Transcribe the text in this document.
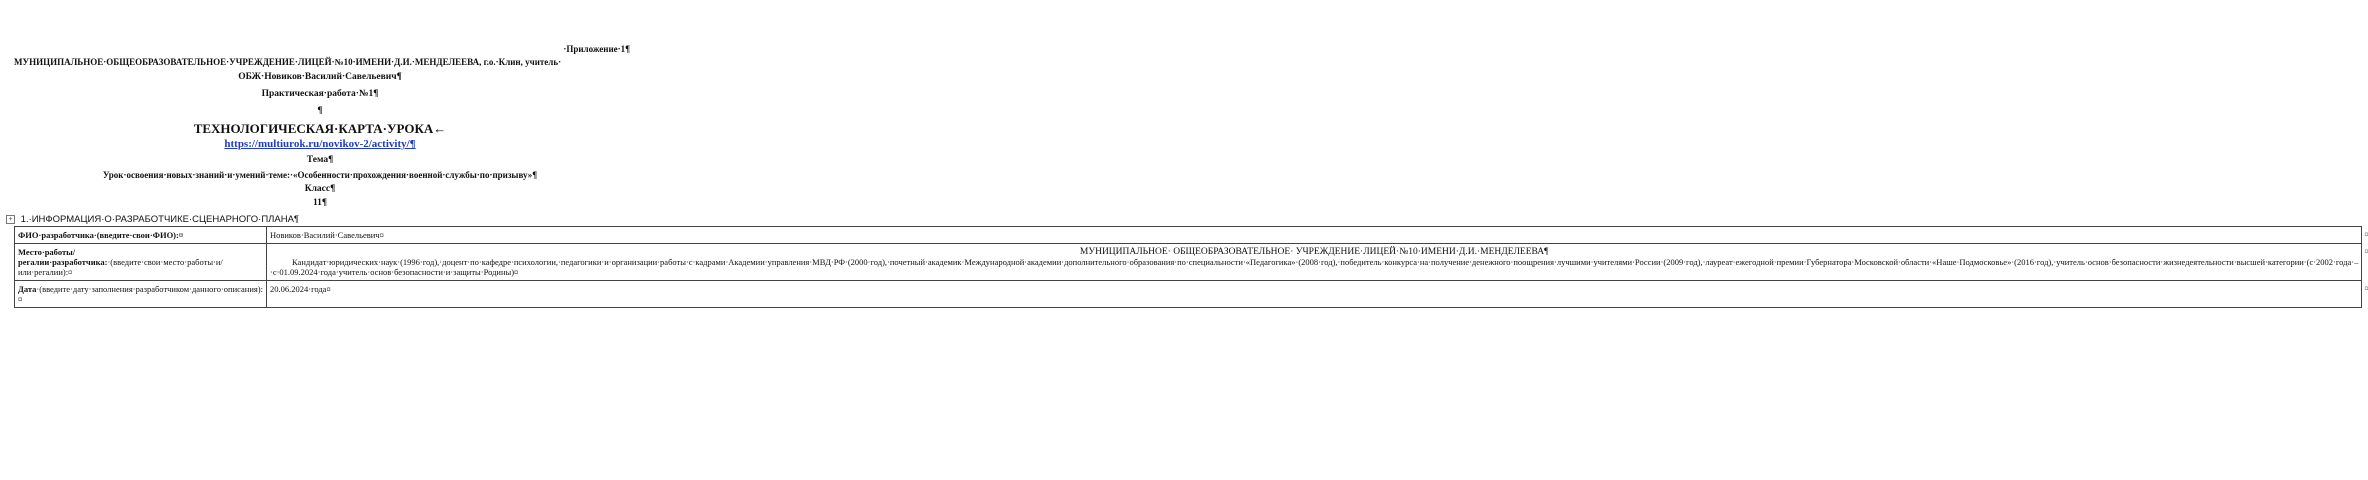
·Приложение·1¶
МУНИЦИПАЛЬНОЕ·ОБЩЕОБРАЗОВАТЕЛЬНОЕ·УЧРЕЖДЕНИЕ·ЛИЦЕЙ·№10·ИМЕНИ·Д.И.·МЕНДЕЛЕЕВА, г.о.·Клин, учитель·
ОБЖ·Новиков·Василий·Савельевич¶
Практическая·работа·№1¶
¶
ТЕХНОЛОГИЧЕСКАЯ·КАРТА·УРОКА←
https://multiurok.ru/novikov-2/activity/¶
Тема¶
Урок·освоения·новых·знаний·и·умений·теме:·«Особенности·прохождения·военной·службы·по·призыву»¶
Класс¶
11¶
+ 1.·ИНФОРМАЦИЯ·О·РАЗРАБОТЧИКЕ·СЦЕНАРНОГО·ПЛАНА¶
ФИО·разработчика·(введите·свои·ФИО):¤	Новиков·Василий·Савельевич¤ ¤

Место·работы/регалии·разработчика:·(введите·свои·место·работы·и/или·регалии):¤	МУНИЦИПАЛЬНОЕ· ОБЩЕОБРАЗОВАТЕЛЬНОЕ· УЧРЕЖДЕНИЕ·ЛИЦЕЙ·№10·ИМЕНИ·Д.И.·МЕНДЕЛЕЕВА¶
Кандидат·юридических·наук·(1996·год),·доцент·по·кафедре·психологии,·педагогики·и·организации·работы·с·кадрами·Академии·управления·МВД·РФ·(2000·год),·почетный·академик·Международной·академии·дополнительного·образования·по·специальности·«Педагогика»·(2008·год),·победитель·конкурса·на·получение·денежного·поощрения·лучшими·учителями·России·(2009·год),·лауреат·ежегодной·премии·Губернатора·Московской·области·«Наше·Подмосковье»·(2016·год),·учитель·основ·безопасности·жизнедеятельности·высшей·категории·(с·2002·года·–·с·01.09.2024·года·учитель·основ·безопасности·и·защиты·Родины)¤
¤

Дата·(введите·дату·заполнения·разработчиком·данного·описания):¤	20.06.2024·года¤ ¤
